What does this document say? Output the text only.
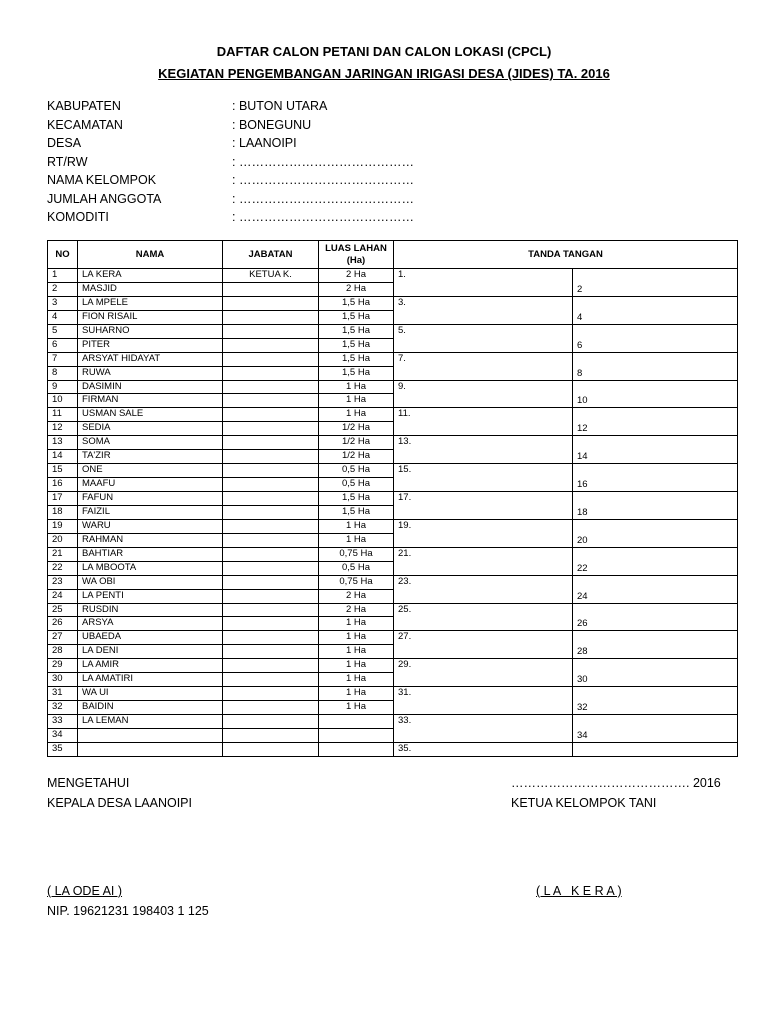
DAFTAR CALON PETANI DAN CALON LOKASI (CPCL)
KEGIATAN PENGEMBANGAN JARINGAN IRIGASI DESA (JIDES) TA. 2016
KABUPATEN	: BUTON UTARA
KECAMATAN	: BONEGUNU
DESA	: LAANOIPI
RT/RW	: ……………………………………
NAMA KELOMPOK	: ……………………………………
JUMLAH ANGGOTA	: ……………………………………
KOMODITI	: ……………………………………
NO	NAMA	JABATAN	LUAS LAHAN
(Ha)	TANDA TANGAN	
1	LA KERA	KETUA K.	2 Ha	1.	2
2	MASJID		2 Ha		
3	LA MPELE		1,5 Ha	3.	4
4	FION RISAIL		1,5 Ha		
5	SUHARNO		1,5 Ha	5.	6
6	PITER		1,5 Ha		
7	ARSYAT HIDAYAT		1,5 Ha	7.	8
8	RUWA		1,5 Ha		
9	DASIMIN		1 Ha	9.	10
10	FIRMAN		1 Ha		
11	USMAN SALE		1 Ha	11.	12
12	SEDIA		1/2 Ha		
13	SOMA		1/2 Ha	13.	14
14	TA'ZIR		1/2 Ha		
15	ONE		0,5 Ha	15.	16
16	MAAFU		0,5 Ha		
17	FAFUN		1,5 Ha	17.	18
18	FAIZIL		1,5 Ha		
19	WARU		1 Ha	19.	20
20	RAHMAN		1 Ha		
21	BAHTIAR		0,75 Ha	21.	22
22	LA MBOOTA		0,5 Ha		
23	WA OBI		0,75 Ha	23.	24
24	LA PENTI		2 Ha		
25	RUSDIN		2 Ha	25.	26
26	ARSYA		1 Ha		
27	UBAEDA		1 Ha	27.	28
28	LA DENI		1 Ha		
29	LA AMIR		1 Ha	29.	30
30	LA AMATIRI		1 Ha		
31	WA UI		1 Ha	31.	32
32	BAIDIN		1 Ha		
33	LA LEMAN			33.	34
34					
35				35.	
MENGETAHUI
KEPALA DESA LAANOIPI
( LA ODE AI )
NIP. 19621231 198403 1 125
……………………………………. 2016
KETUA KELOMPOK TANI
( L A   K E R A )
